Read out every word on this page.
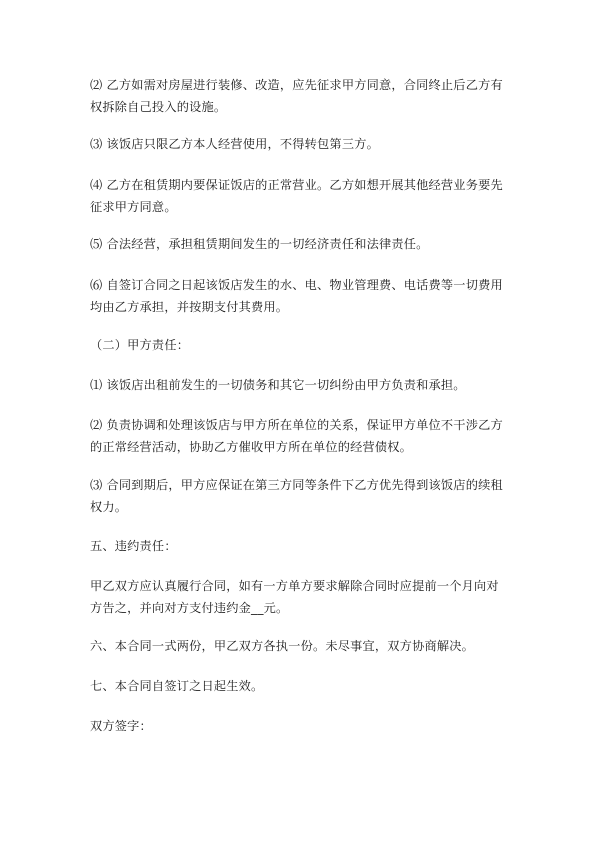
⑵ 乙方如需对房屋进行装修、改造，应先征求甲方同意，合同终止后乙方有权拆除自己投入的设施。

⑶ 该饭店只限乙方本人经营使用，不得转包第三方。

⑷ 乙方在租赁期内要保证饭店的正常营业。乙方如想开展其他经营业务要先征求甲方同意。

⑸ 合法经营，承担租赁期间发生的一切经济责任和法律责任。

⑹ 自签订合同之日起该饭店发生的水、电、物业管理费、电话费等一切费用均由乙方承担，并按期支付其费用。

（二）甲方责任：

⑴ 该饭店出租前发生的一切债务和其它一切纠纷由甲方负责和承担。

⑵ 负责协调和处理该饭店与甲方所在单位的关系，保证甲方单位不干涉乙方的正常经营活动，协助乙方催收甲方所在单位的经营债权。

⑶ 合同到期后，甲方应保证在第三方同等条件下乙方优先得到该饭店的续租权力。

五、违约责任：

甲乙双方应认真履行合同，如有一方单方要求解除合同时应提前一个月向对方告之，并向对方支付违约金__元。

六、本合同一式两份，甲乙双方各执一份。未尽事宜，双方协商解决。

七、本合同自签订之日起生效。

双方签字：
